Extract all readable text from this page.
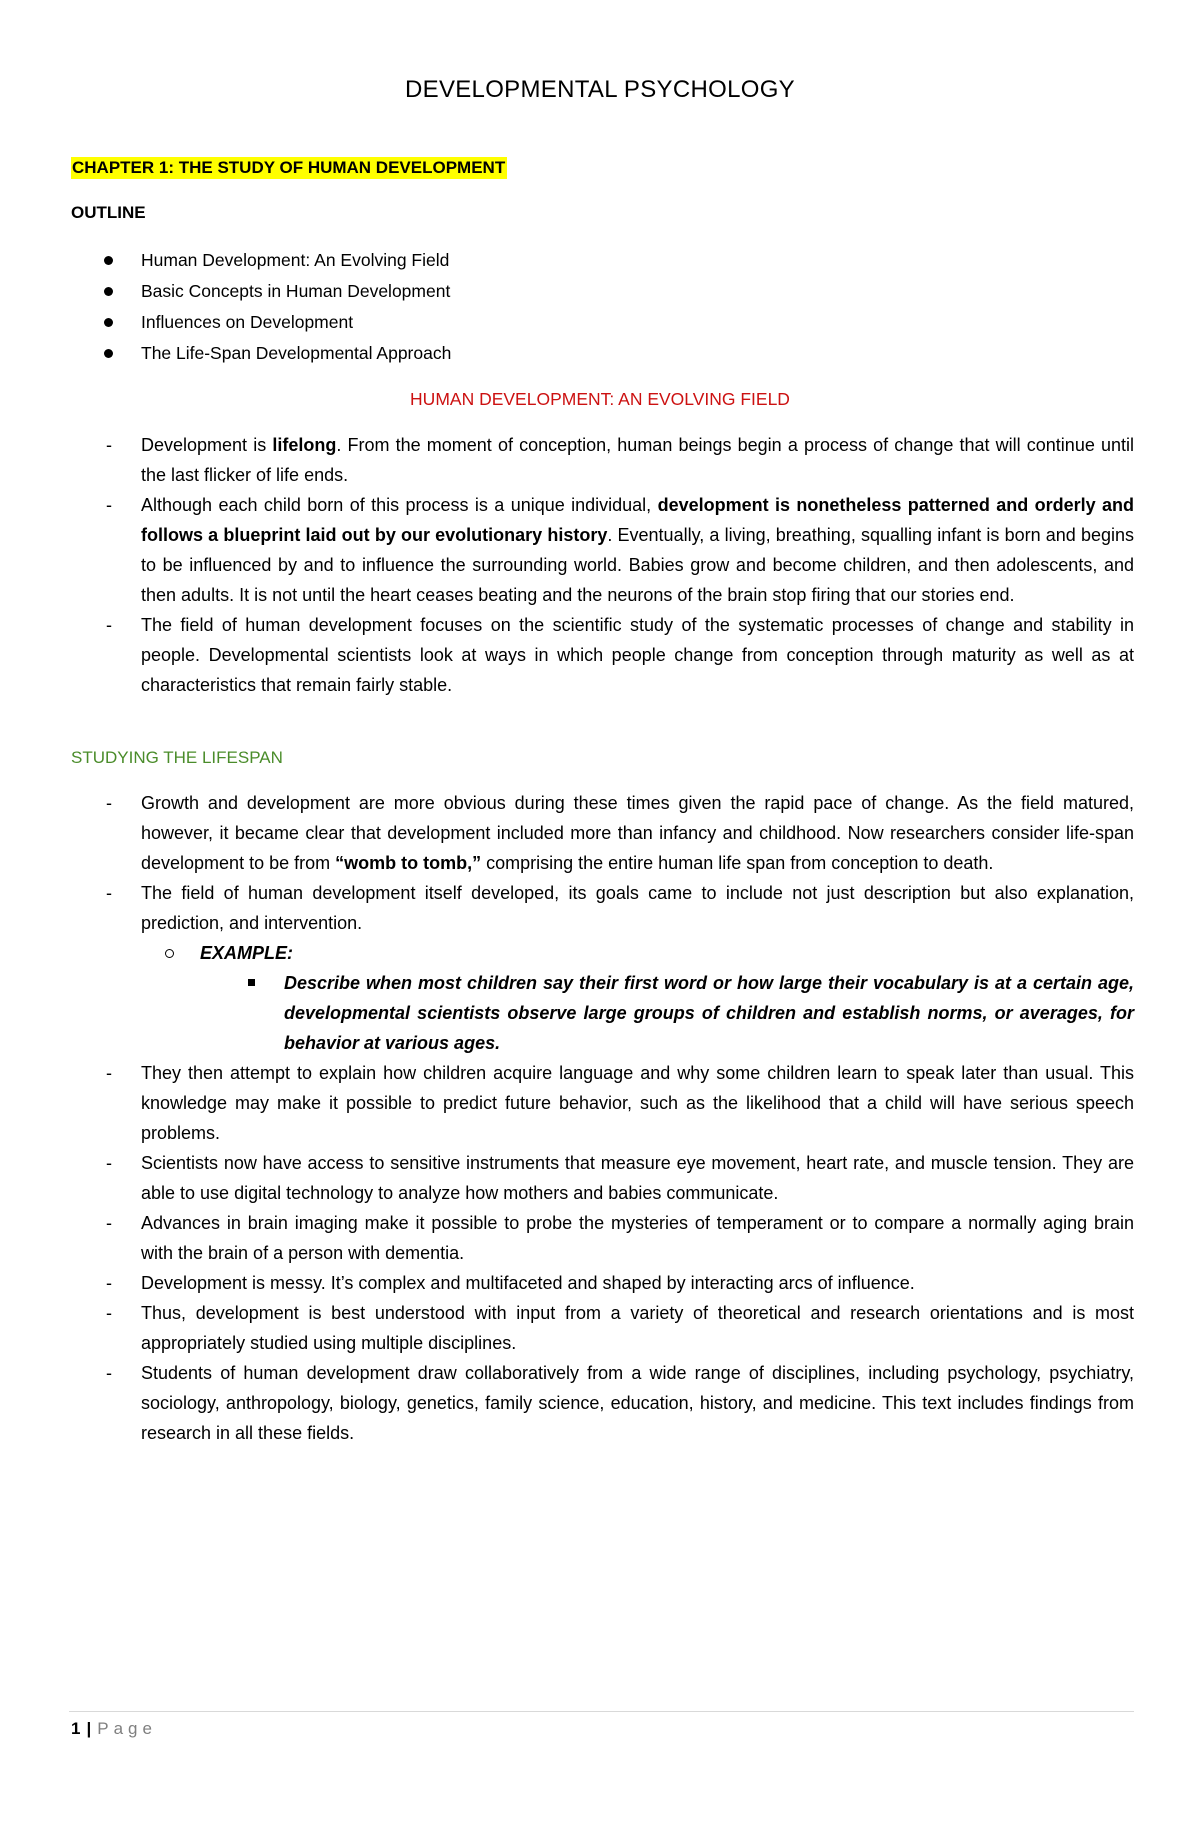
DEVELOPMENTAL PSYCHOLOGY
CHAPTER 1: THE STUDY OF HUMAN DEVELOPMENT
OUTLINE
Human Development: An Evolving Field
Basic Concepts in Human Development
Influences on Development
The Life-Span Developmental Approach
HUMAN DEVELOPMENT: AN EVOLVING FIELD
- Development is lifelong. From the moment of conception, human beings begin a process of change that will continue until the last flicker of life ends.
- Although each child born of this process is a unique individual, development is nonetheless patterned and orderly and follows a blueprint laid out by our evolutionary history. Eventually, a living, breathing, squalling infant is born and begins to be influenced by and to influence the surrounding world. Babies grow and become children, and then adolescents, and then adults. It is not until the heart ceases beating and the neurons of the brain stop firing that our stories end.
- The field of human development focuses on the scientific study of the systematic processes of change and stability in people. Developmental scientists look at ways in which people change from conception through maturity as well as at characteristics that remain fairly stable.
STUDYING THE LIFESPAN
- Growth and development are more obvious during these times given the rapid pace of change. As the field matured, however, it became clear that development included more than infancy and childhood. Now researchers consider life-span development to be from “womb to tomb,” comprising the entire human life span from conception to death.
- The field of human development itself developed, its goals came to include not just description but also explanation, prediction, and intervention.
EXAMPLE:
Describe when most children say their first word or how large their vocabulary is at a certain age, developmental scientists observe large groups of children and establish norms, or averages, for behavior at various ages.
- They then attempt to explain how children acquire language and why some children learn to speak later than usual. This knowledge may make it possible to predict future behavior, such as the likelihood that a child will have serious speech problems.
- Scientists now have access to sensitive instruments that measure eye movement, heart rate, and muscle tension. They are able to use digital technology to analyze how mothers and babies communicate.
- Advances in brain imaging make it possible to probe the mysteries of temperament or to compare a normally aging brain with the brain of a person with dementia.
- Development is messy. It’s complex and multifaceted and shaped by interacting arcs of influence.
- Thus, development is best understood with input from a variety of theoretical and research orientations and is most appropriately studied using multiple disciplines.
- Students of human development draw collaboratively from a wide range of disciplines, including psychology, psychiatry, sociology, anthropology, biology, genetics, family science, education, history, and medicine. This text includes findings from research in all these fields.
1 | Page
